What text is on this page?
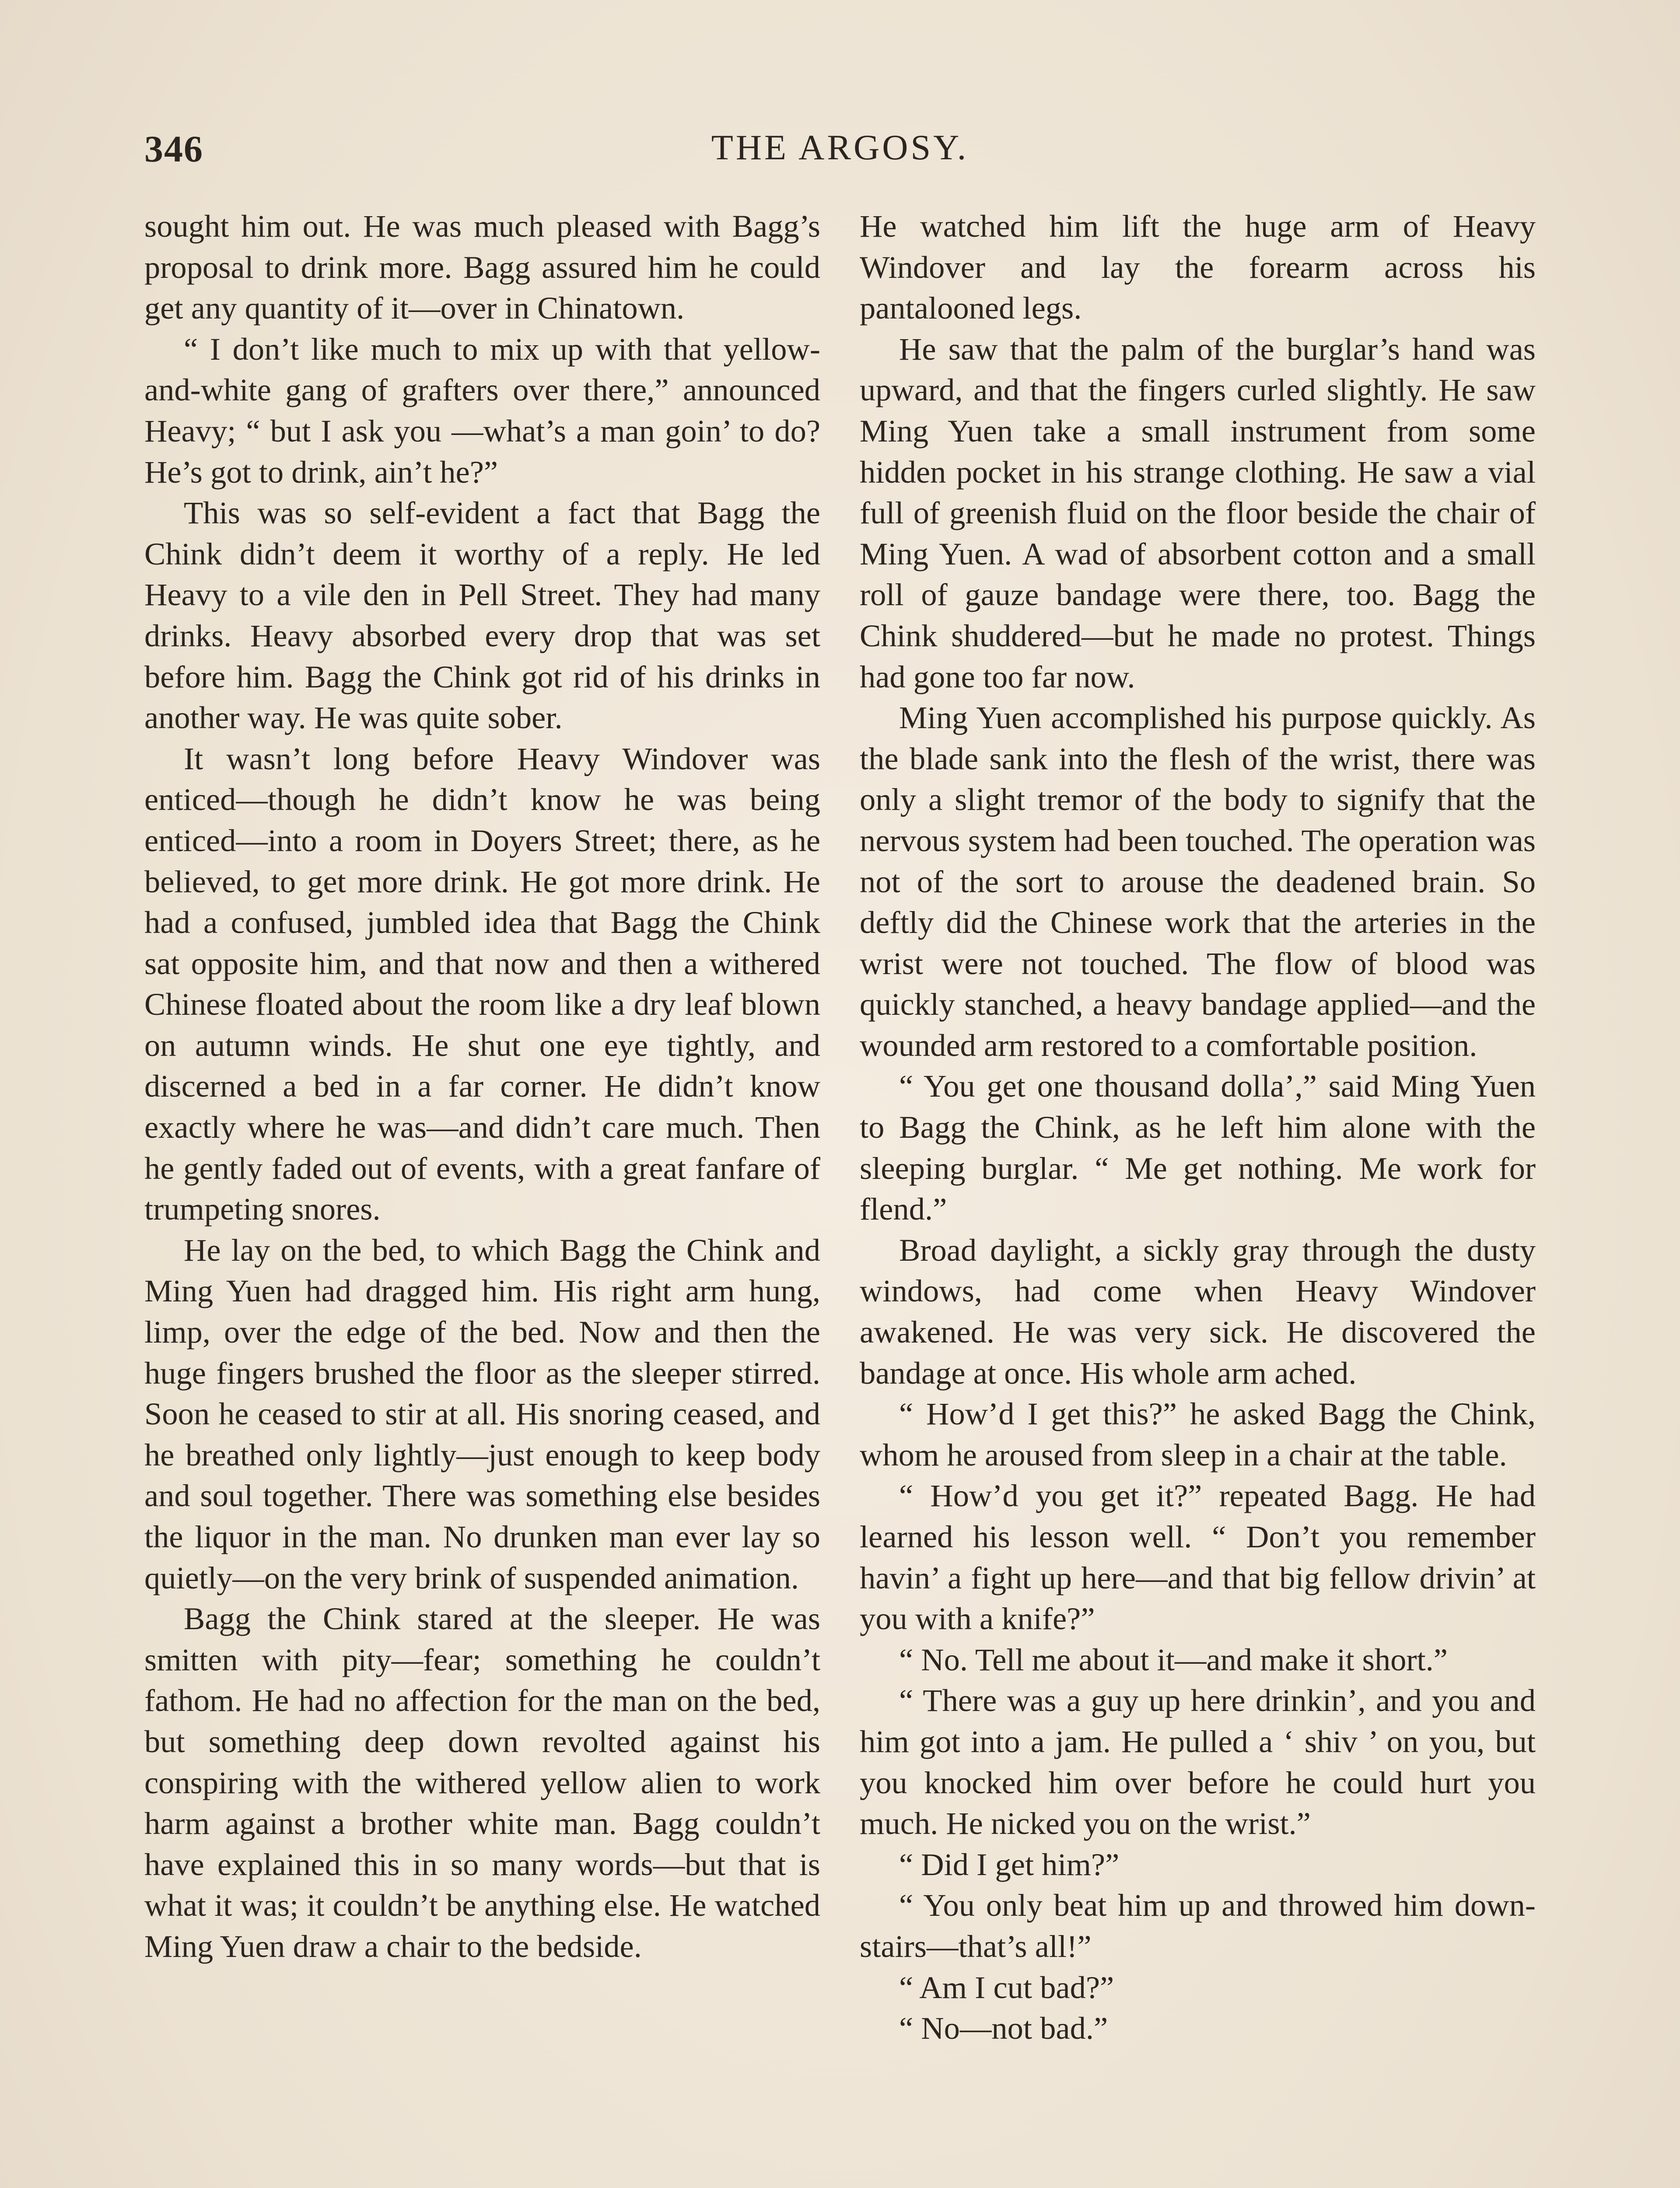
346	THE ARGOSY.

sought him out. He was much pleased with Bagg’s proposal to drink more. Bagg assured him he could get any quantity of it—over in Chinatown.

“ I don’t like much to mix up with that yellow-and-white gang of grafters over there,” announced Heavy; “ but I ask you —what’s a man goin’ to do? He’s got to drink, ain’t he?”

This was so self-evident a fact that Bagg the Chink didn’t deem it worthy of a reply. He led Heavy to a vile den in Pell Street. They had many drinks. Heavy absorbed every drop that was set before him. Bagg the Chink got rid of his drinks in another way. He was quite sober.

It wasn’t long before Heavy Windover was enticed—though he didn’t know he was being enticed—into a room in Doyers Street; there, as he believed, to get more drink. He got more drink. He had a confused, jumbled idea that Bagg the Chink sat opposite him, and that now and then a withered Chinese floated about the room like a dry leaf blown on autumn winds. He shut one eye tightly, and discerned a bed in a far corner. He didn’t know exactly where he was—and didn’t care much. Then he gently faded out of events, with a great fanfare of trumpeting snores.

He lay on the bed, to which Bagg the Chink and Ming Yuen had dragged him. His right arm hung, limp, over the edge of the bed. Now and then the huge fingers brushed the floor as the sleeper stirred. Soon he ceased to stir at all. His snoring ceased, and he breathed only lightly—just enough to keep body and soul together. There was something else besides the liquor in the man. No drunken man ever lay so quietly—on the very brink of suspended animation.

Bagg the Chink stared at the sleeper. He was smitten with pity—fear; something he couldn’t fathom. He had no affection for the man on the bed, but something deep down revolted against his conspiring with the withered yellow alien to work harm against a brother white man. Bagg couldn’t have explained this in so many words—but that is what it was; it couldn’t be anything else. He watched Ming Yuen draw a chair to the bedside.

He watched him lift the huge arm of Heavy Windover and lay the forearm across his pantalooned legs.

He saw that the palm of the burglar’s hand was upward, and that the fingers curled slightly. He saw Ming Yuen take a small instrument from some hidden pocket in his strange clothing. He saw a vial full of greenish fluid on the floor beside the chair of Ming Yuen. A wad of absorbent cotton and a small roll of gauze bandage were there, too. Bagg the Chink shuddered—but he made no protest. Things had gone too far now.

Ming Yuen accomplished his purpose quickly. As the blade sank into the flesh of the wrist, there was only a slight tremor of the body to signify that the nervous system had been touched. The operation was not of the sort to arouse the deadened brain. So deftly did the Chinese work that the arteries in the wrist were not touched. The flow of blood was quickly stanched, a heavy bandage applied—and the wounded arm restored to a comfortable position.

“ You get one thousand dolla’,” said Ming Yuen to Bagg the Chink, as he left him alone with the sleeping burglar. “ Me get nothing. Me work for flend.”

Broad daylight, a sickly gray through the dusty windows, had come when Heavy Windover awakened. He was very sick. He discovered the bandage at once. His whole arm ached.

“ How’d I get this?” he asked Bagg the Chink, whom he aroused from sleep in a chair at the table.

“ How’d you get it?” repeated Bagg. He had learned his lesson well. “ Don’t you remember havin’ a fight up here—and that big fellow drivin’ at you with a knife?”

“ No. Tell me about it—and make it short.”

“ There was a guy up here drinkin’, and you and him got into a jam. He pulled a ‘ shiv ’ on you, but you knocked him over before he could hurt you much. He nicked you on the wrist.”

“ Did I get him?”

“ You only beat him up and throwed him down-stairs—that’s all!”

“ Am I cut bad?”

“ No—not bad.”
